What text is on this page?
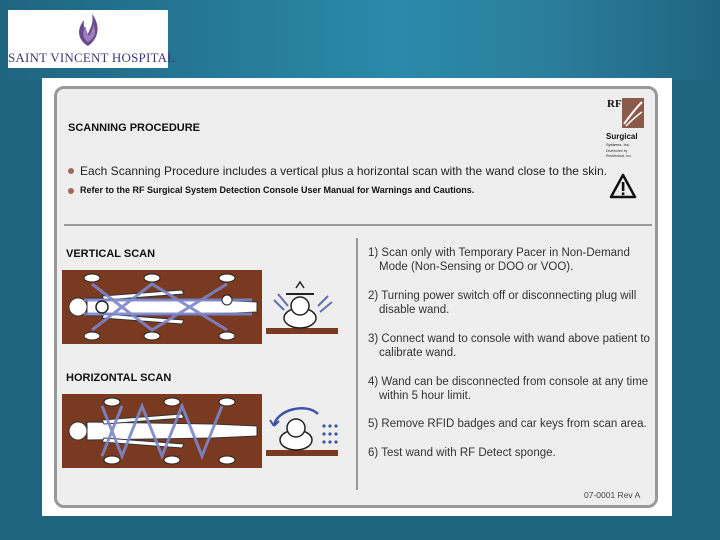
SAINT VINCENT HOSPITAL
SCANNING PROCEDURE
Each Scanning Procedure includes a vertical plus a horizontal scan with the wand close to the skin.
Refer to the RF Surgical System Detection Console User Manual for Warnings and Cautions.
RF
Surgical
Systems, Inc.
Distributed by
ResMedical, Inc.
VERTICAL SCAN
HORIZONTAL SCAN
1) Scan only with Temporary Pacer in Non-Demand Mode (Non-Sensing or DOO or VOO).
2) Turning power switch off or disconnecting plug will disable wand.
3) Connect wand to console with wand above patient to calibrate wand.
4) Wand can be disconnected from console at any time within 5 hour limit.
5) Remove RFID badges and car keys from scan area.
6) Test wand with RF Detect sponge.
07-0001 Rev A
